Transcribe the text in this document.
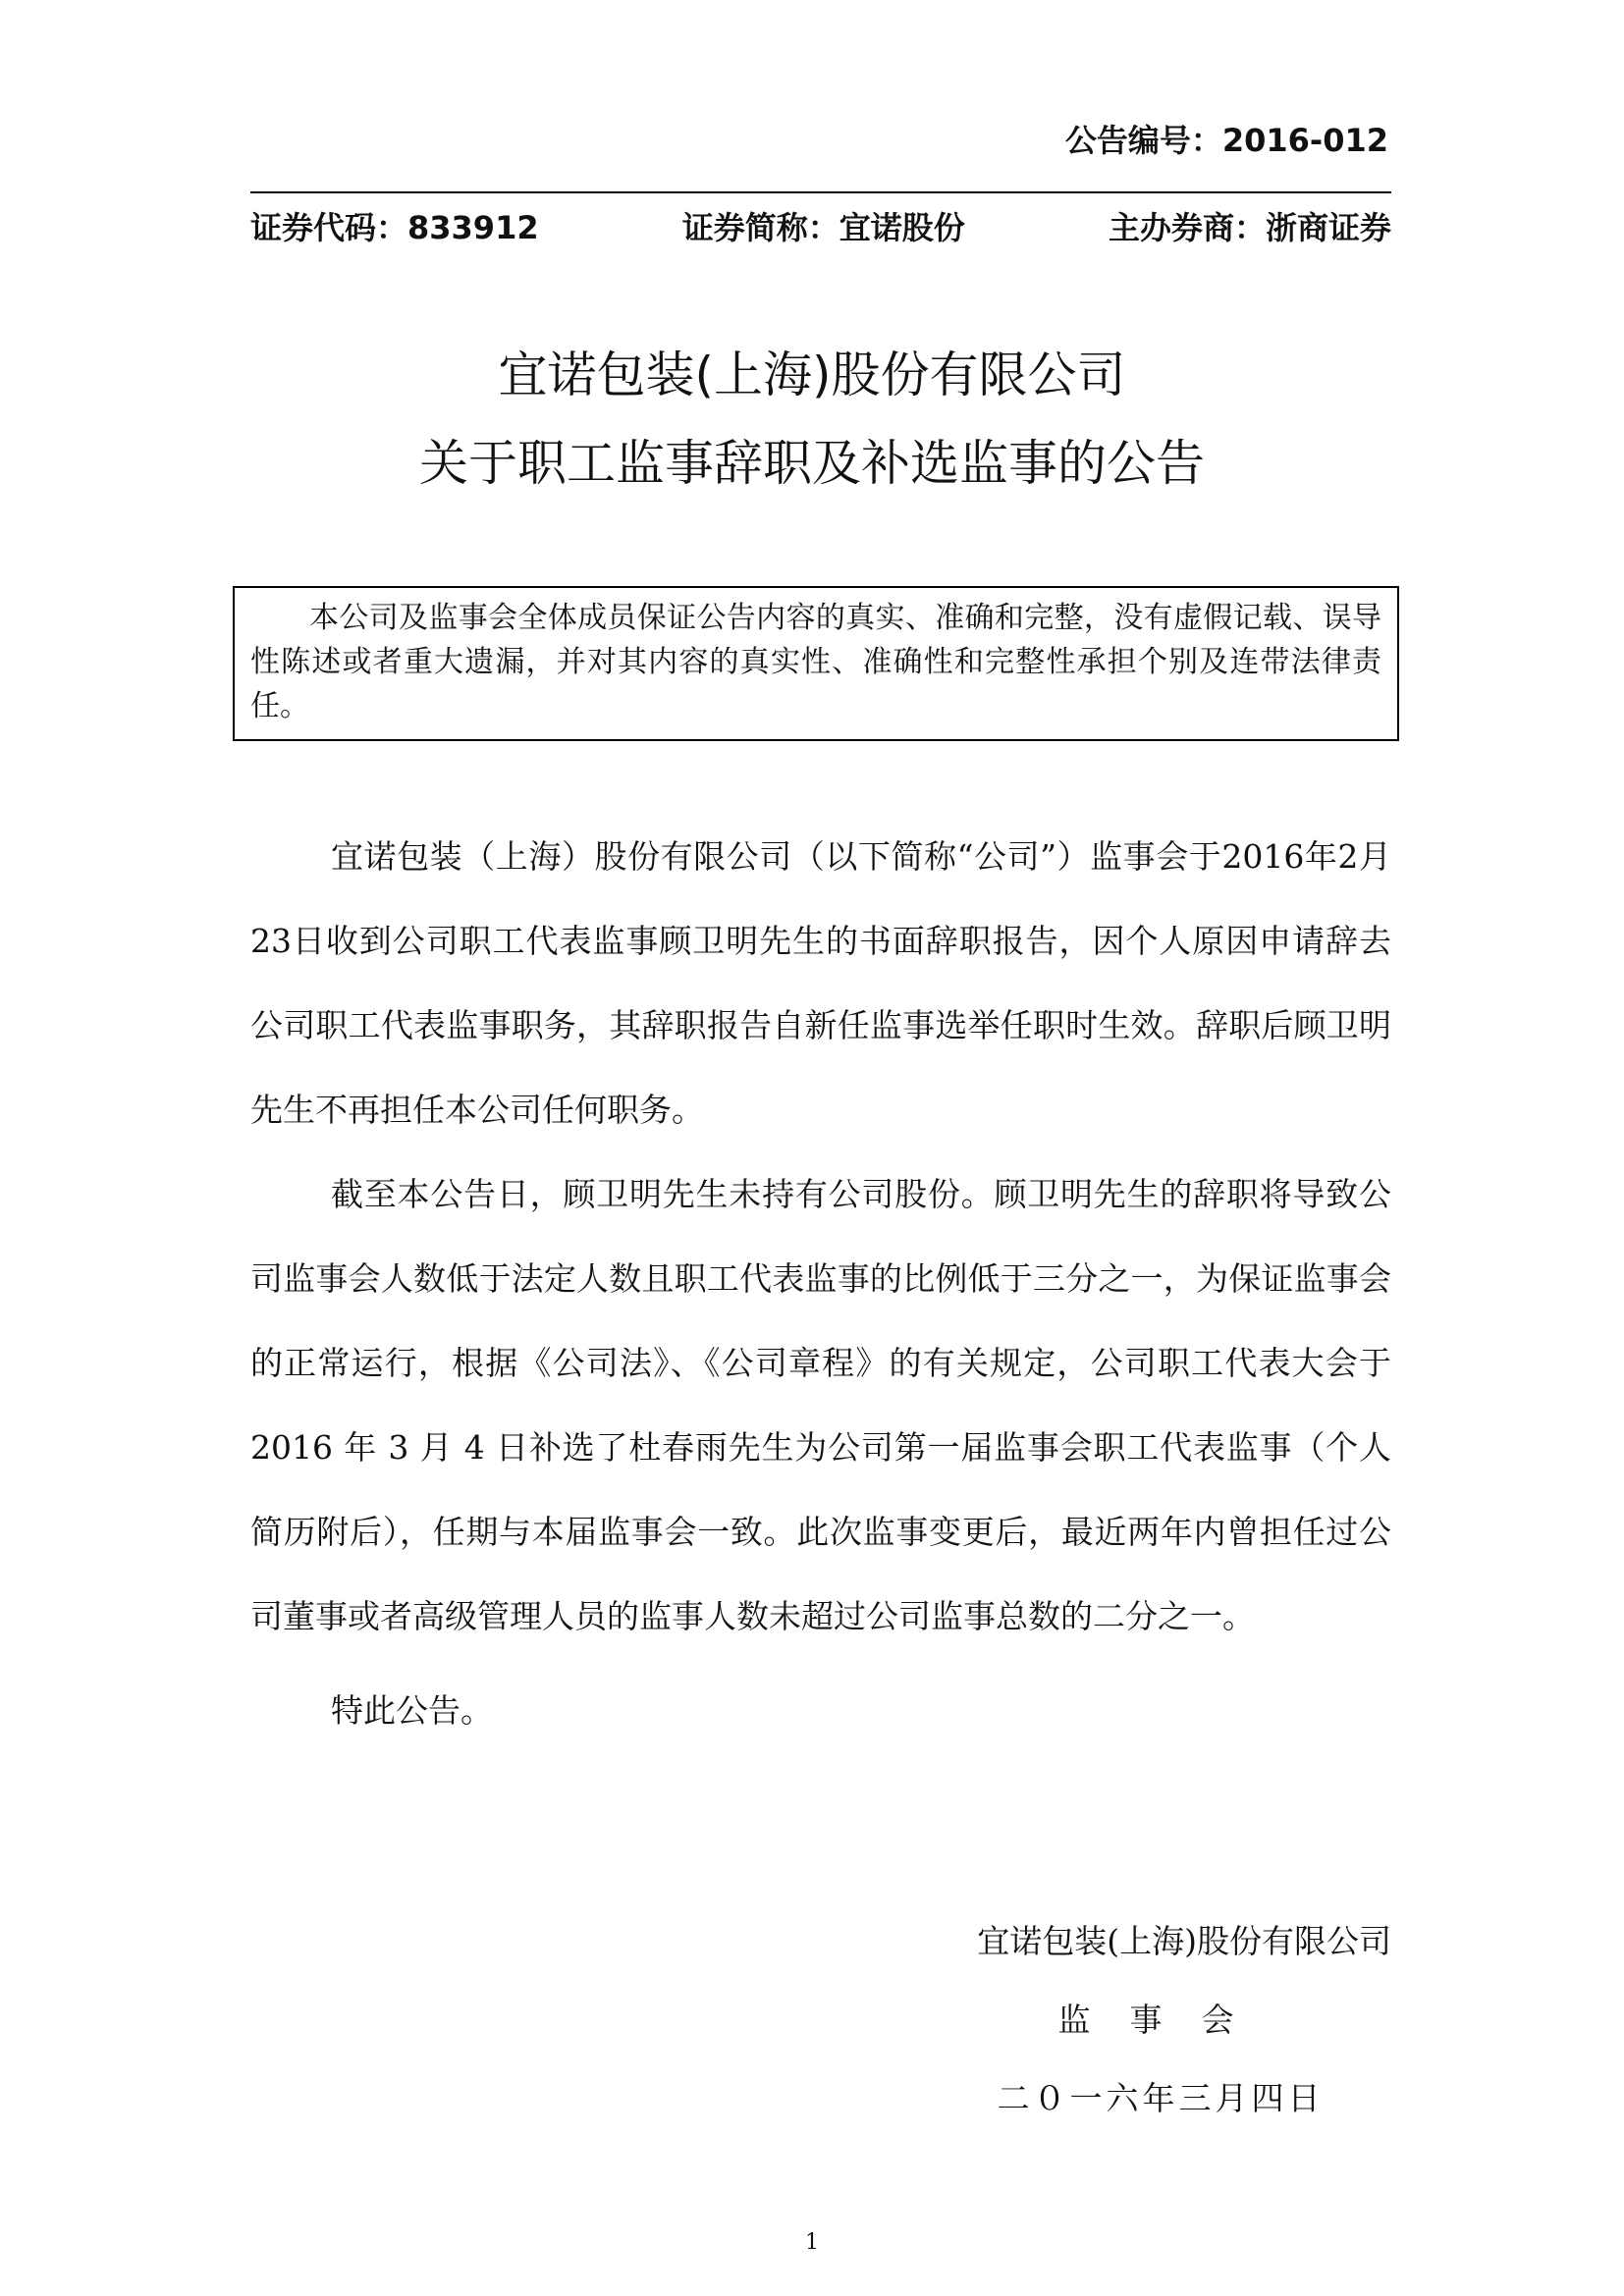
公告编号：2016-012
证券代码：833912	证券简称：宜诺股份	主办券商：浙商证券
宜诺包装(上海)股份有限公司
关于职工监事辞职及补选监事的公告

本公司及监事会全体成员保证公告内容的真实、准确和完整，没有虚假记载、误导性陈述或者重大遗漏，并对其内容的真实性、准确性和完整性承担个别及连带法律责任。

宜诺包装（上海）股份有限公司（以下简称“公司”）监事会于2016年2月23日收到公司职工代表监事顾卫明先生的书面辞职报告，因个人原因申请辞去公司职工代表监事职务，其辞职报告自新任监事选举任职时生效。辞职后顾卫明先生不再担任本公司任何职务。

截至本公告日，顾卫明先生未持有公司股份。顾卫明先生的辞职将导致公司监事会人数低于法定人数且职工代表监事的比例低于三分之一，为保证监事会的正常运行，根据《公司法》、《公司章程》的有关规定，公司职工代表大会于 2016 年 3 月 4 日补选了杜春雨先生为公司第一届监事会职工代表监事（个人简历附后），任期与本届监事会一致。此次监事变更后，最近两年内曾担任过公司董事或者高级管理人员的监事人数未超过公司监事总数的二分之一。

特此公告。

宜诺包装(上海)股份有限公司
监事会
二０一六年三月四日
1
